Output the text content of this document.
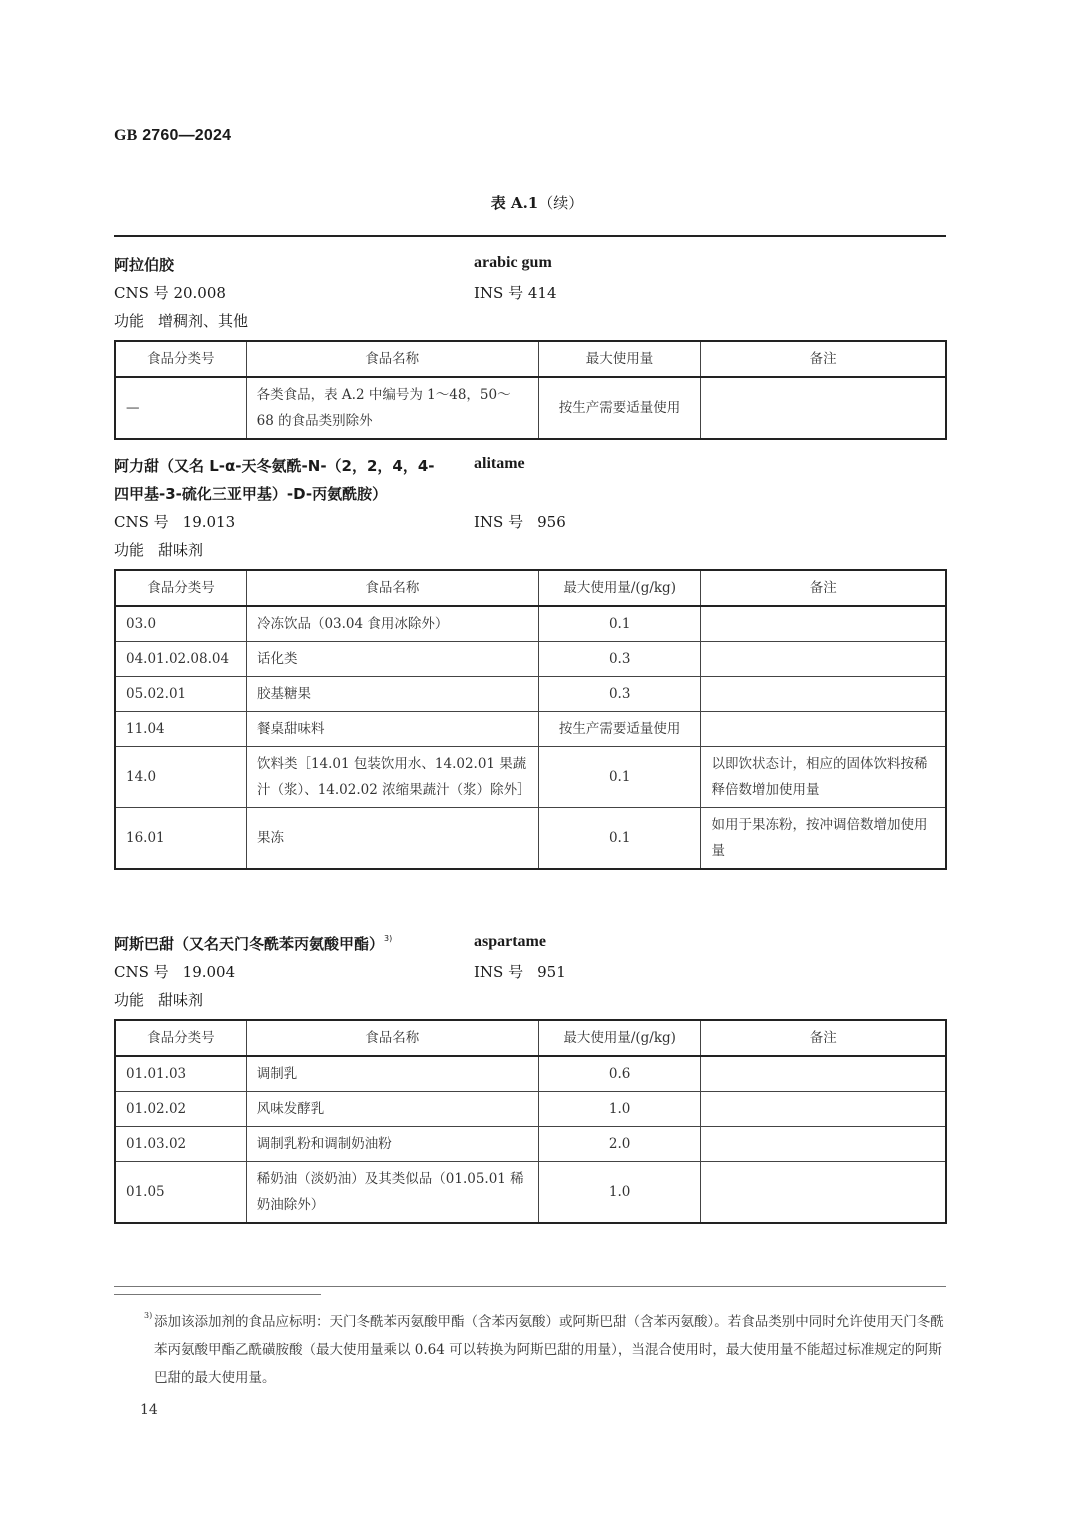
GB 2760—2024
表 A.1（续）
阿拉伯胶	arabic gum
CNS 号 20.008	INS 号 414
功能 增稠剂、其他
食品分类号	食品名称	最大使用量	备注
—	各类食品，表 A.2 中编号为 1～48，50～68 的食品类别除外	按生产需要适量使用	
阿力甜（又名 L-α-天冬氨酰-N-（2，2，4，4- alitame
四甲基-3-硫化三亚甲基）-D-丙氨酰胺）
CNS 号 19.013	INS 号 956
功能 甜味剂
食品分类号	食品名称	最大使用量/(g/kg)	备注
03.0	冷冻饮品（03.04 食用冰除外）	0.1	
04.01.02.08.04	话化类	0.3	
05.02.01	胶基糖果	0.3	
11.04	餐桌甜味料	按生产需要适量使用	
14.0	饮料类［14.01 包装饮用水、14.02.01 果蔬汁（浆）、14.02.02 浓缩果蔬汁（浆）除外］	0.1	以即饮状态计，相应的固体饮料按稀释倍数增加使用量
16.01	果冻	0.1	如用于果冻粉，按冲调倍数增加使用量
阿斯巴甜（又名天门冬酰苯丙氨酸甲酯）$^{3)}$	aspartame
CNS 号 19.004	INS 号 951
功能 甜味剂
食品分类号	食品名称	最大使用量/(g/kg)	备注
01.01.03	调制乳	0.6	
01.02.02	风味发酵乳	1.0	
01.03.02	调制乳粉和调制奶油粉	2.0	
01.05	稀奶油（淡奶油）及其类似品（01.05.01 稀奶油除外）	1.0	
3) 添加该添加剂的食品应标明：天门冬酰苯丙氨酸甲酯（含苯丙氨酸）或阿斯巴甜（含苯丙氨酸）。若食品类别中同时允许使用天门冬酰苯丙氨酸甲酯乙酰磺胺酸（最大使用量乘以 0.64 可以转换为阿斯巴甜的用量），当混合使用时，最大使用量不能超过标准规定的阿斯巴甜的最大使用量。
14
